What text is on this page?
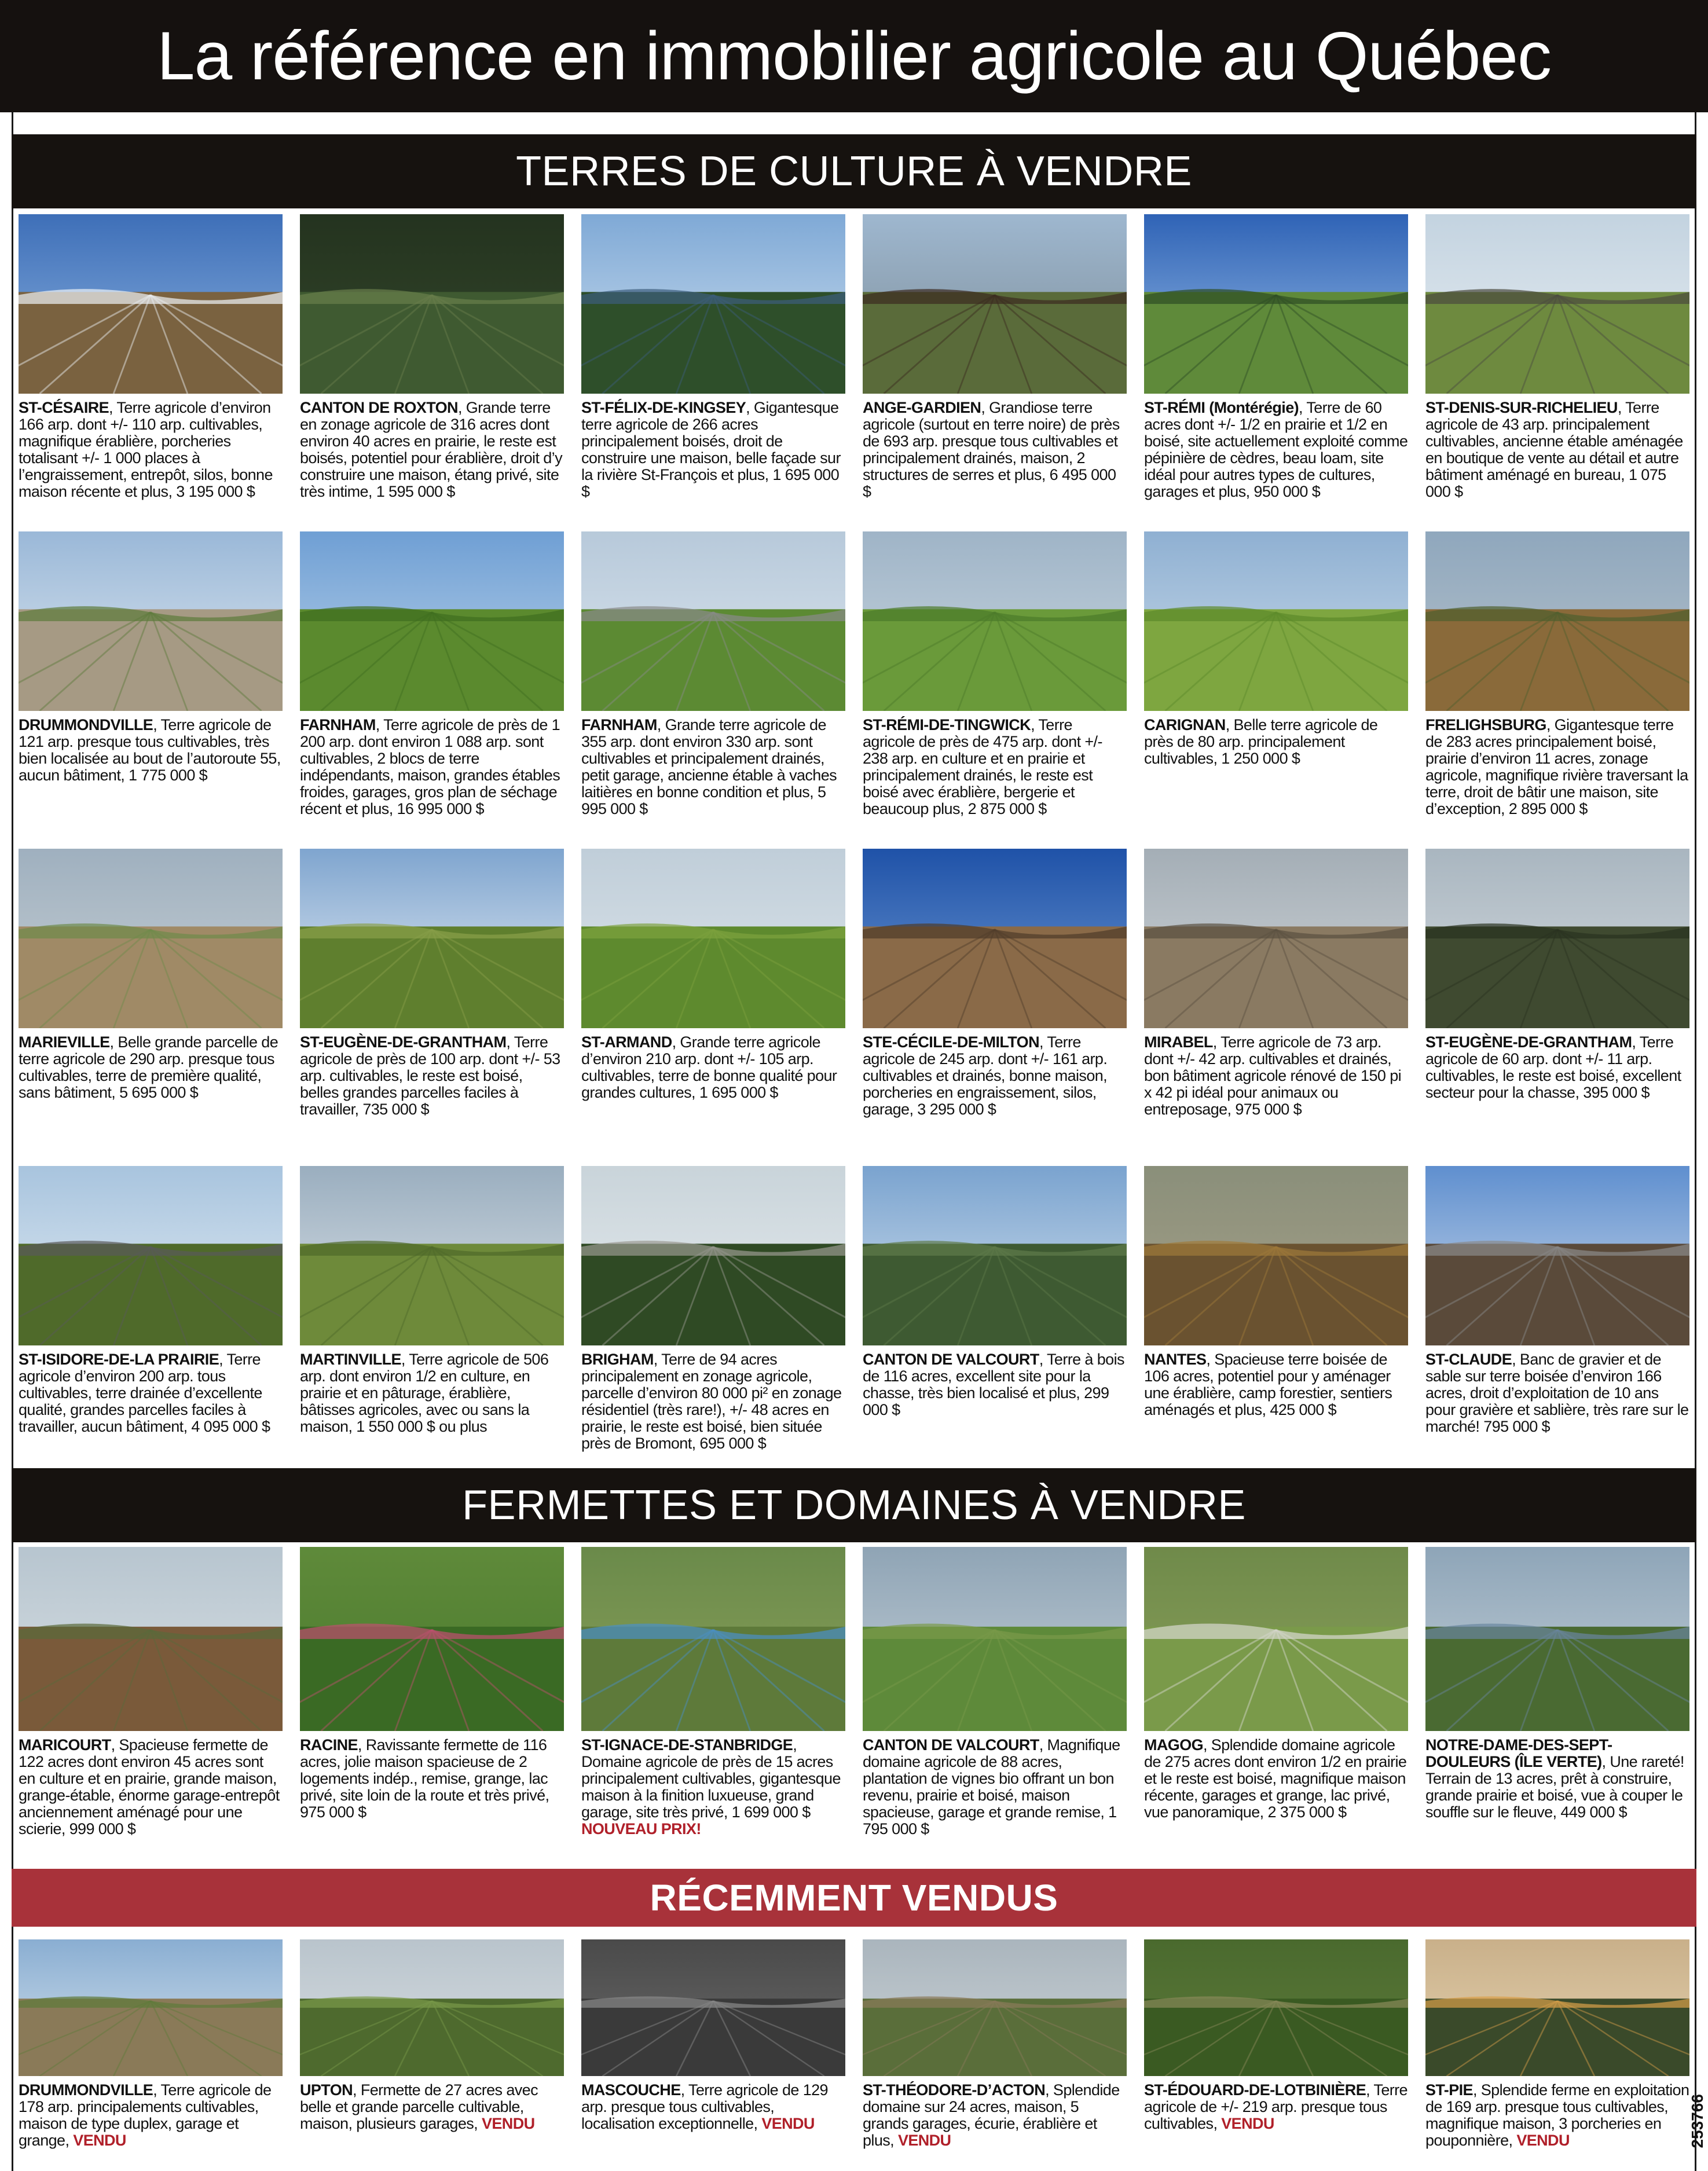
La référence en immobilier agricole au Québec
TERRES DE CULTURE À VENDRE
ST-CÉSAIRE, Terre agricole d’environ 166 arp. dont +/- 110 arp. cultivables, magnifique érablière, porcheries totalisant +/- 1 000 places à l’engraissement, entrepôt, silos, bonne maison récente et plus, 3 195 000 $
CANTON DE ROXTON, Grande terre en zonage agricole de 316 acres dont environ 40 acres en prairie, le reste est boisés, potentiel pour érablière, droit d’y construire une maison, étang privé, site très intime, 1 595 000 $
ST-FÉLIX-DE-KINGSEY, Gigantesque terre agricole de 266 acres principalement boisés, droit de construire une maison, belle façade sur la rivière St-François et plus, 1 695 000 $
ANGE-GARDIEN, Grandiose terre agricole (surtout en terre noire) de près de 693 arp. presque tous cultivables et principalement drainés, maison, 2 structures de serres et plus, 6 495 000 $
ST-RÉMI (Montérégie), Terre de 60 acres dont +/- 1/2 en prairie et 1/2 en boisé, site actuellement exploité comme pépinière de cèdres, beau loam, site idéal pour autres types de cultures, garages et plus, 950 000 $
ST-DENIS-SUR-RICHELIEU, Terre agricole de 43 arp. principalement cultivables, ancienne étable aménagée en boutique de vente au détail et autre bâtiment aménagé en bureau, 1 075 000 $
DRUMMONDVILLE, Terre agricole de 121 arp. presque tous cultivables, très bien localisée au bout de l’autoroute 55, aucun bâtiment, 1 775 000 $
FARNHAM, Terre agricole de près de 1 200 arp. dont environ 1 088 arp. sont cultivables, 2 blocs de terre indépendants, maison, grandes étables froides, garages, gros plan de séchage récent et plus, 16 995 000 $
FARNHAM, Grande terre agricole de 355 arp. dont environ 330 arp. sont cultivables et principalement drainés, petit garage, ancienne étable à vaches laitières en bonne condition et plus, 5 995 000 $
ST-RÉMI-DE-TINGWICK, Terre agricole de près de 475 arp. dont +/- 238 arp. en culture et en prairie et principalement drainés, le reste est boisé avec érablière, bergerie et beaucoup plus, 2 875 000 $
CARIGNAN, Belle terre agricole de près de 80 arp. principalement cultivables, 1 250 000 $
FRELIGHSBURG, Gigantesque terre de 283 acres principalement boisé, prairie d’environ 11 acres, zonage agricole, magnifique rivière traversant la terre, droit de bâtir une maison, site d’exception, 2 895 000 $
MARIEVILLE, Belle grande parcelle de terre agricole de 290 arp. presque tous cultivables, terre de première qualité, sans bâtiment, 5 695 000 $
ST-EUGÈNE-DE-GRANTHAM, Terre agricole de près de 100 arp. dont +/- 53 arp. cultivables, le reste est boisé, belles grandes parcelles faciles à travailler, 735 000 $
ST-ARMAND, Grande terre agricole d’environ 210 arp. dont +/- 105 arp. cultivables, terre de bonne qualité pour grandes cultures, 1 695 000 $
STE-CÉCILE-DE-MILTON, Terre agricole de 245 arp. dont +/- 161 arp. cultivables et drainés, bonne maison, porcheries en engraissement, silos, garage, 3 295 000 $
MIRABEL, Terre agricole de 73 arp. dont +/- 42 arp. cultivables et drainés, bon bâtiment agricole rénové de 150 pi x 42 pi idéal pour animaux ou entreposage, 975 000 $
ST-EUGÈNE-DE-GRANTHAM, Terre agricole de 60 arp. dont +/- 11 arp. cultivables, le reste est boisé, excellent secteur pour la chasse, 395 000 $
ST-ISIDORE-DE-LA PRAIRIE, Terre agricole d’environ 200 arp. tous cultivables, terre drainée d’excellente qualité, grandes parcelles faciles à travailler, aucun bâtiment, 4 095 000 $
MARTINVILLE, Terre agricole de 506 arp. dont environ 1/2 en culture, en prairie et en pâturage, érablière, bâtisses agricoles, avec ou sans la maison, 1 550 000 $ ou plus
BRIGHAM, Terre de 94 acres principalement en zonage agricole, parcelle d’environ 80 000 pi² en zonage résidentiel (très rare!), +/- 48 acres en prairie, le reste est boisé, bien située près de Bromont, 695 000 $
CANTON DE VALCOURT, Terre à bois de 116 acres, excellent site pour la chasse, très bien localisé et plus, 299 000 $
NANTES, Spacieuse terre boisée de 106 acres, potentiel pour y aménager une érablière, camp forestier, sentiers aménagés et plus, 425 000 $
ST-CLAUDE, Banc de gravier et de sable sur terre boisée d’environ 166 acres, droit d’exploitation de 10 ans pour gravière et sablière, très rare sur le marché! 795 000 $
FERMETTES ET DOMAINES À VENDRE
MARICOURT, Spacieuse fermette de 122 acres dont environ 45 acres sont en culture et en prairie, grande maison, grange-étable, énorme garage-entrepôt anciennement aménagé pour une scierie, 999 000 $
RACINE, Ravissante fermette de 116 acres, jolie maison spacieuse de 2 logements indép., remise, grange, lac privé, site loin de la route et très privé, 975 000 $
ST-IGNACE-DE-STANBRIDGE, Domaine agricole de près de 15 acres principalement cultivables, gigantesque maison à la finition luxueuse, grand garage, site très privé, 1 699 000 $
NOUVEAU PRIX!
CANTON DE VALCOURT, Magnifique domaine agricole de 88 acres, plantation de vignes bio offrant un bon revenu, prairie et boisé, maison spacieuse, garage et grande remise, 1 795 000 $
MAGOG, Splendide domaine agricole de 275 acres dont environ 1/2 en prairie et le reste est boisé, magnifique maison récente, garages et grange, lac privé, vue panoramique, 2 375 000 $
NOTRE-DAME-DES-SEPT-DOULEURS (ÎLE VERTE), Une rareté! Terrain de 13 acres, prêt à construire, grande prairie et boisé, vue à couper le souffle sur le fleuve, 449 000 $
RÉCEMMENT VENDUS
DRUMMONDVILLE, Terre agricole de 178 arp. principalements cultivables, maison de type duplex, garage et grange, VENDU
UPTON, Fermette de 27 acres avec belle et grande parcelle cultivable, maison, plusieurs garages, VENDU
MASCOUCHE, Terre agricole de 129 arp. presque tous cultivables, localisation exceptionnelle, VENDU
ST-THÉODORE-D’ACTON, Splendide domaine sur 24 acres, maison, 5 grands garages, écurie, érablière et plus, VENDU
ST-ÉDOUARD-DE-LOTBINIÈRE, Terre agricole de +/- 219 arp. presque tous cultivables, VENDU
ST-PIE, Splendide ferme en exploitation de 169 arp. presque tous cultivables, magnifique maison, 3 porcheries en pouponnière, VENDU	253766
